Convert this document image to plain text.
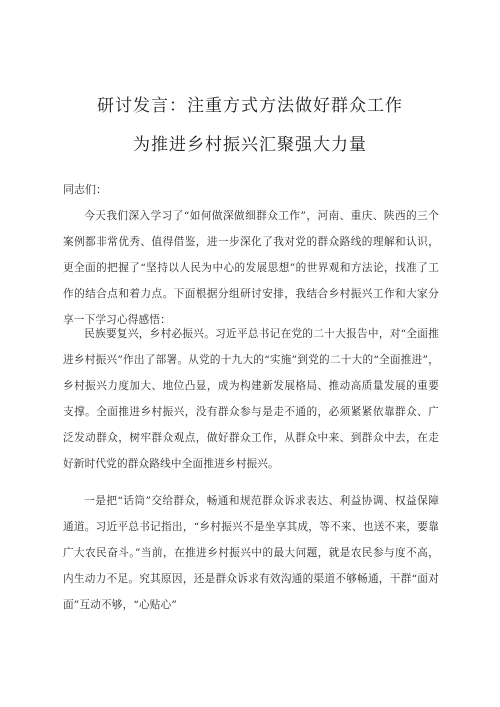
研讨发言：注重方式方法做好群众工作
为推进乡村振兴汇聚强大力量
同志们：

今天我们深入学习了“如何做深做细群众工作”，河南、重庆、陕西的三个案例都非常优秀、值得借鉴，进一步深化了我对党的群众路线的理解和认识，更全面的把握了“坚持以人民为中心的发展思想”的世界观和方法论，找准了工作的结合点和着力点。下面根据分组研讨安排，我结合乡村振兴工作和大家分享一下学习心得感悟：

民族要复兴，乡村必振兴。习近平总书记在党的二十大报告中，对“全面推进乡村振兴”作出了部署。从党的十九大的“实施”到党的二十大的“全面推进”，乡村振兴力度加大、地位凸显，成为构建新发展格局、推动高质量发展的重要支撑。全面推进乡村振兴，没有群众参与是走不通的，必须紧紧依靠群众、广泛发动群众，树牢群众观点，做好群众工作，从群众中来、到群众中去，在走好新时代党的群众路线中全面推进乡村振兴。

一是把“话筒”交给群众，畅通和规范群众诉求表达、利益协调、权益保障通道。习近平总书记指出，“乡村振兴不是坐享其成，等不来、也送不来，要靠广大农民奋斗。”当前，在推进乡村振兴中的最大问题，就是农民参与度不高，内生动力不足。究其原因，还是群众诉求有效沟通的渠道不够畅通，干群“面对面”互动不够，“心贴心”
